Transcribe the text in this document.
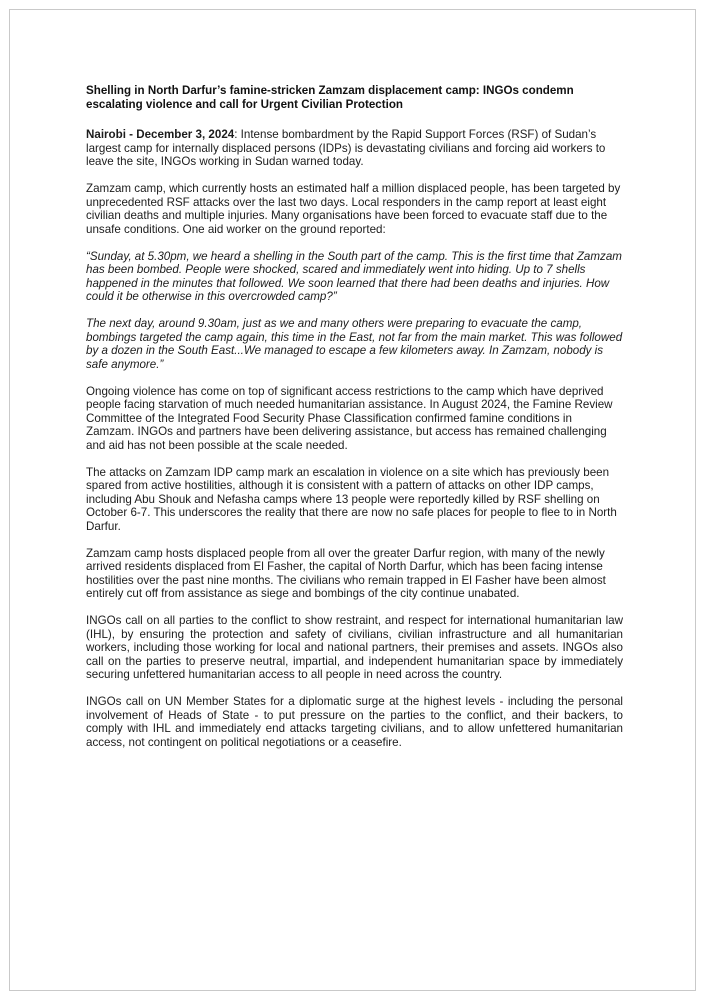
Shelling in North Darfur’s famine-stricken Zamzam displacement camp: INGOs condemn escalating violence and call for Urgent Civilian Protection

Nairobi - December 3, 2024: Intense bombardment by the Rapid Support Forces (RSF) of Sudan’s largest camp for internally displaced persons (IDPs) is devastating civilians and forcing aid workers to leave the site, INGOs working in Sudan warned today.

Zamzam camp, which currently hosts an estimated half a million displaced people, has been targeted by unprecedented RSF attacks over the last two days. Local responders in the camp report at least eight civilian deaths and multiple injuries. Many organisations have been forced to evacuate staff due to the unsafe conditions. One aid worker on the ground reported:

“Sunday, at 5.30pm, we heard a shelling in the South part of the camp. This is the first time that Zamzam has been bombed. People were shocked, scared and immediately went into hiding. Up to 7 shells happened in the minutes that followed. We soon learned that there had been deaths and injuries. How could it be otherwise in this overcrowded camp?”

The next day, around 9.30am, just as we and many others were preparing to evacuate the camp, bombings targeted the camp again, this time in the East, not far from the main market. This was followed by a dozen in the South East...We managed to escape a few kilometers away. In Zamzam, nobody is safe anymore.”

Ongoing violence has come on top of significant access restrictions to the camp which have deprived people facing starvation of much needed humanitarian assistance. In August 2024, the Famine Review Committee of the Integrated Food Security Phase Classification confirmed famine conditions in Zamzam. INGOs and partners have been delivering assistance, but access has remained challenging and aid has not been possible at the scale needed.

The attacks on Zamzam IDP camp mark an escalation in violence on a site which has previously been spared from active hostilities, although it is consistent with a pattern of attacks on other IDP camps, including Abu Shouk and Nefasha camps where 13 people were reportedly killed by RSF shelling on October 6-7. This underscores the reality that there are now no safe places for people to flee to in North Darfur.

Zamzam camp hosts displaced people from all over the greater Darfur region, with many of the newly arrived residents displaced from El Fasher, the capital of North Darfur, which has been facing intense hostilities over the past nine months. The civilians who remain trapped in El Fasher have been almost entirely cut off from assistance as siege and bombings of the city continue unabated.

INGOs call on all parties to the conflict to show restraint, and respect for international humanitarian law (IHL), by ensuring the protection and safety of civilians, civilian infrastructure and all humanitarian workers, including those working for local and national partners, their premises and assets. INGOs also call on the parties to preserve neutral, impartial, and independent humanitarian space by immediately securing unfettered humanitarian access to all people in need across the country.

INGOs call on UN Member States for a diplomatic surge at the highest levels - including the personal involvement of Heads of State - to put pressure on the parties to the conflict, and their backers, to comply with IHL and immediately end attacks targeting civilians, and to allow unfettered humanitarian access, not contingent on political negotiations or a ceasefire.
